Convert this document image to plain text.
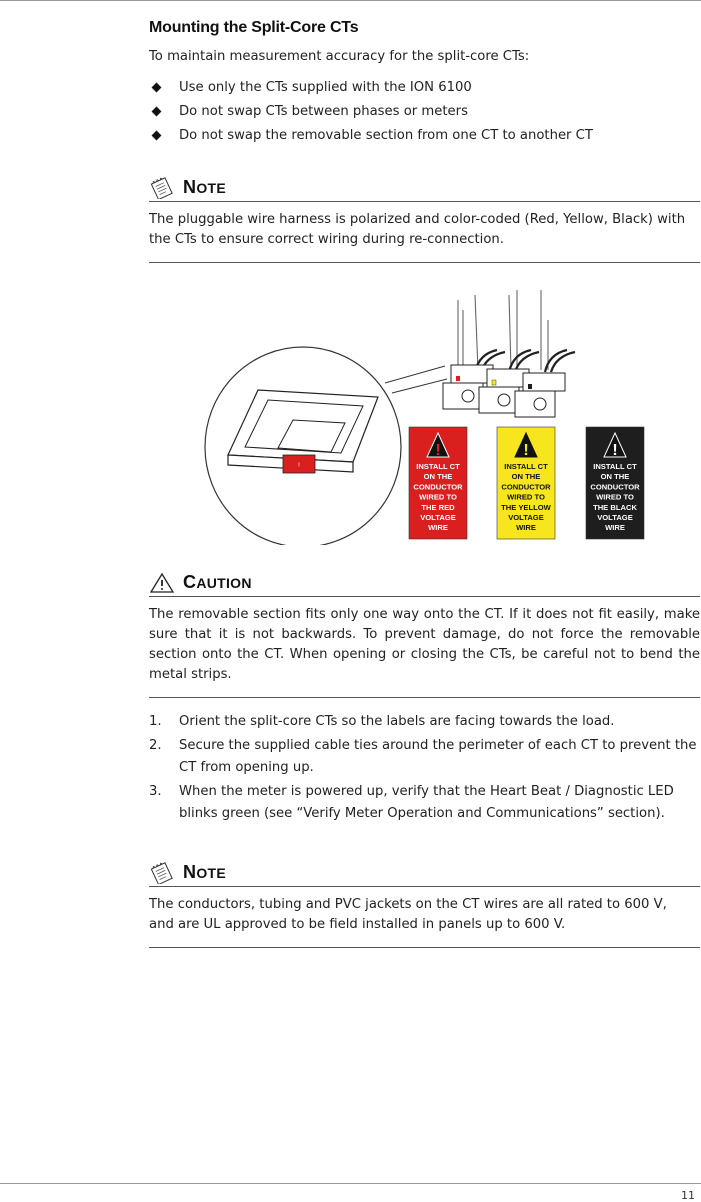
Mounting the Split-Core CTs
To maintain measurement accuracy for the split-core CTs:
Use only the CTs supplied with the ION 6100
Do not swap CTs between phases or meters
Do not swap the removable section from one CT to another CT
NOTE
The pluggable wire harness is polarized and color-coded (Red, Yellow, Black) with the CTs to ensure correct wiring during re-connection.
!
!
INSTALL CT
ON THE
CONDUCTOR
WIRED TO
THE RED
VOLTAGE
WIRE
!
INSTALL CT
ON THE
CONDUCTOR
WIRED TO
THE YELLOW
VOLTAGE
WIRE
!
INSTALL CT
ON THE
CONDUCTOR
WIRED TO
THE BLACK
VOLTAGE
WIRE
CAUTION
The removable section fits only one way onto the CT. If it does not fit easily, make sure that it is not backwards. To prevent damage, do not force the removable section onto the CT. When opening or closing the CTs, be careful not to bend the metal strips.
1. Orient the split-core CTs so the labels are facing towards the load.
2. Secure the supplied cable ties around the perimeter of each CT to prevent the CT from opening up.
3. When the meter is powered up, verify that the Heart Beat / Diagnostic LED blinks green (see “Verify Meter Operation and Communications” section).
NOTE
The conductors, tubing and PVC jackets on the CT wires are all rated to 600 V, and are UL approved to be field installed in panels up to 600 V.
11
